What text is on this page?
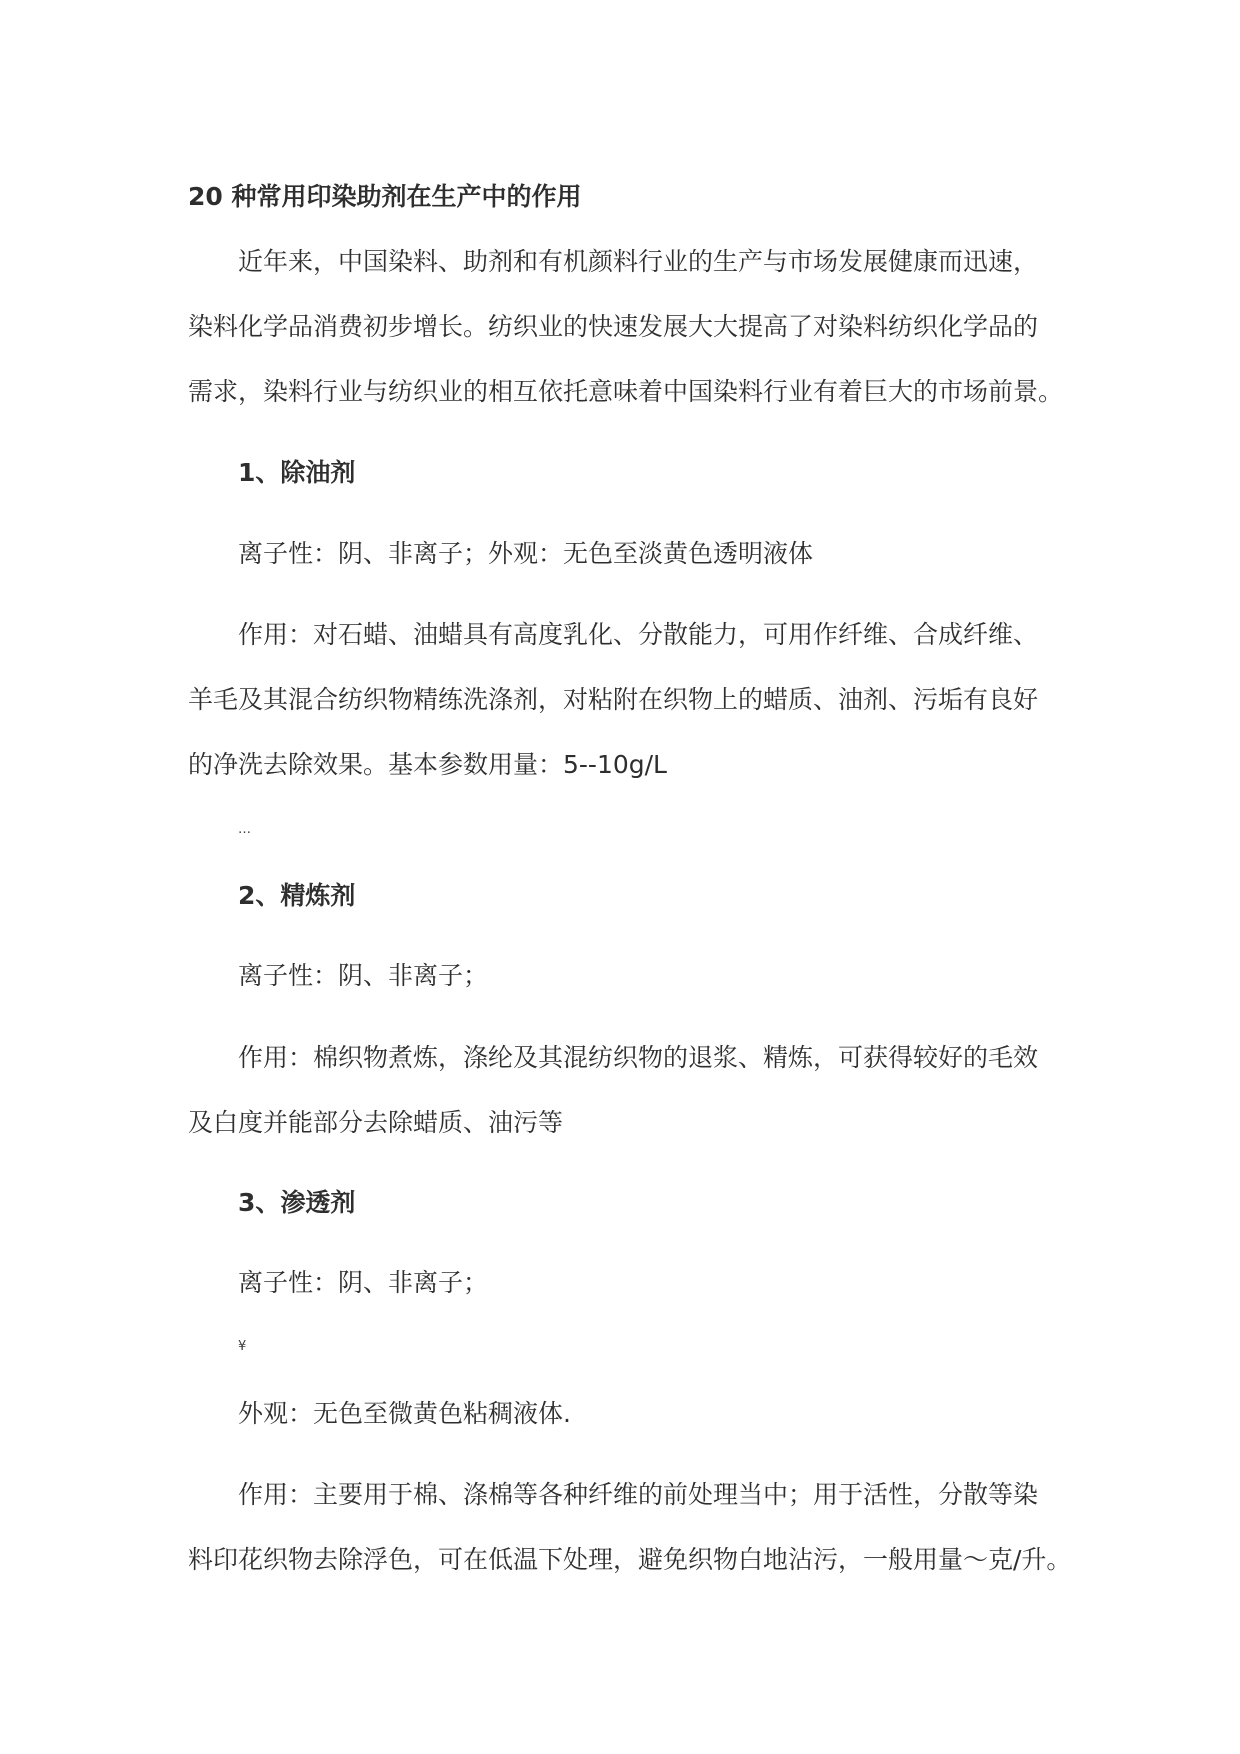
20 种常用印染助剂在生产中的作用
近年来，中国染料、助剂和有机颜料行业的生产与市场发展健康而迅速，
染料化学品消费初步增长。纺织业的快速发展大大提高了对染料纺织化学品的
需求，染料行业与纺织业的相互依托意味着中国染料行业有着巨大的市场前景。
1、除油剂
离子性：阴、非离子；外观：无色至淡黄色透明液体
作用：对石蜡、油蜡具有高度乳化、分散能力，可用作纤维、合成纤维、
羊毛及其混合纺织物精练洗涤剂，对粘附在织物上的蜡质、油剂、污垢有良好
的净洗去除效果。基本参数用量：5--10g/L
…
2、精炼剂
离子性：阴、非离子；
作用：棉织物煮炼，涤纶及其混纺织物的退浆、精炼，可获得较好的毛效
及白度并能部分去除蜡质、油污等
3、渗透剂
离子性：阴、非离子；
¥
外观：无色至微黄色粘稠液体.
作用：主要用于棉、涤棉等各种纤维的前处理当中；用于活性，分散等染
料印花织物去除浮色，可在低温下处理，避免织物白地沾污，一般用量～克/升。
